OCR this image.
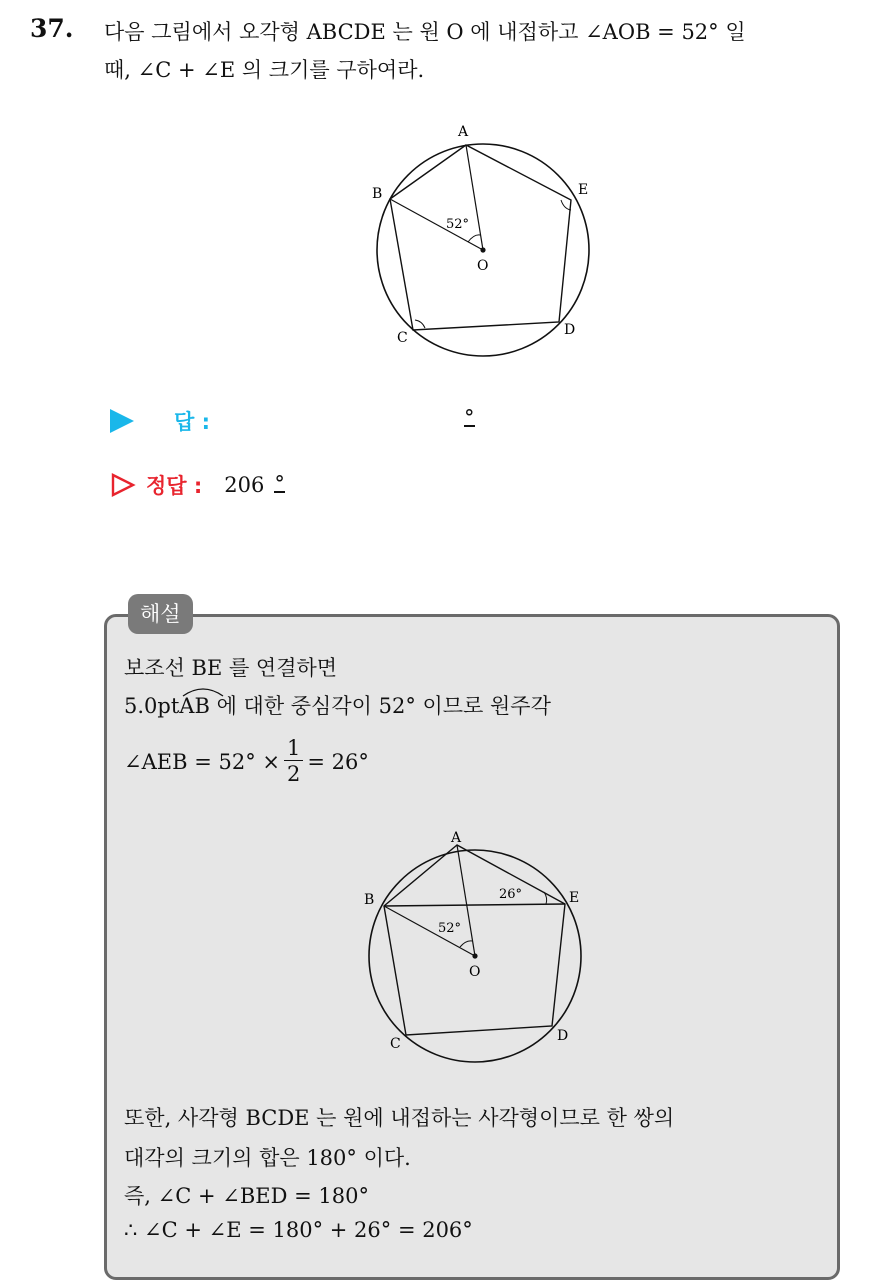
37. 다음 그림에서 오각형 ABCDE 는 원 O 에 내접하고 ∠AOB = 52° 일
때, ∠C + ∠E 의 크기를 구하여라.
A
B
C	D
E
O
52°
답 :	°
정답 : 206 °
해설
보조선 BE 를 연결하면
5.0pt
AB 에 대한 중심각이 52° 이므로 원주각
∠AEB = $52^\circ \times \frac{1}{2} = 26^\circ$
A
B
C	D
E
O
52°
26°
또한, 사각형 BCDE 는 원에 내접하는 사각형이므로 한 쌍의
대각의 크기의 합은 180° 이다.
즉, ∠C + ∠BED = 180°
∴ ∠C + ∠E = 180° + 26° = 206°
